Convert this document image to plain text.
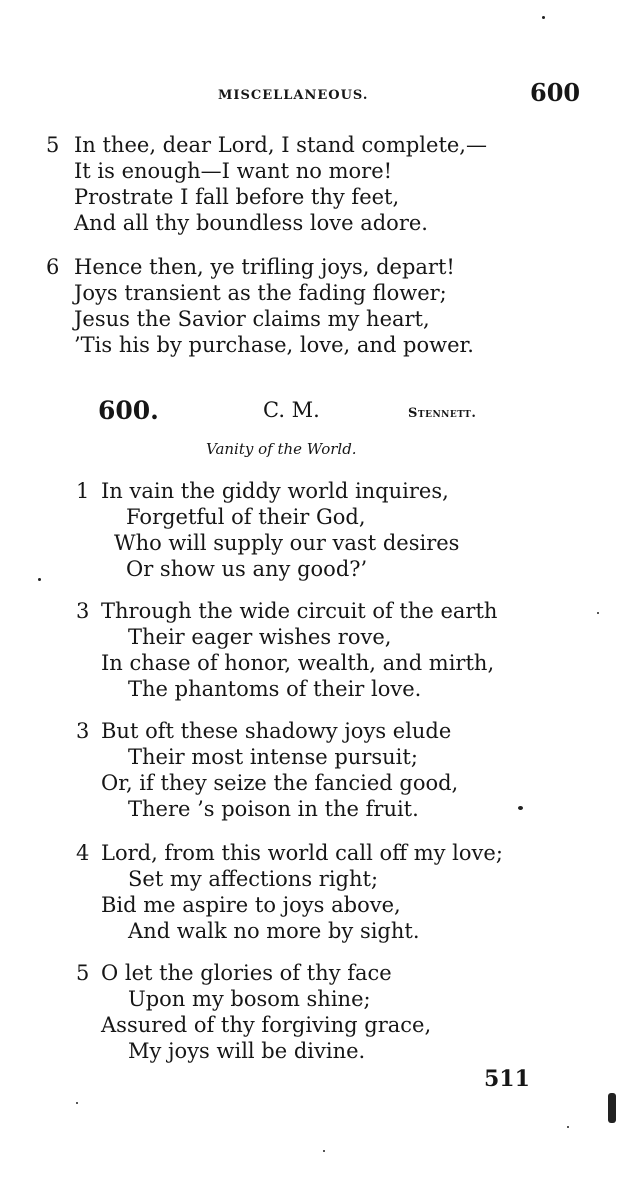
MISCELLANEOUS.	600
5 In thee, dear Lord, I stand complete,—
It is enough—I want no more!
Prostrate I fall before thy feet,
And all thy boundless love adore.
6 Hence then, ye trifling joys, depart!
Joys transient as the fading flower;
Jesus the Savior claims my heart,
’Tis his by purchase, love, and power.
600.	C. M.	Stennett.
Vanity of the World.
1 In vain the giddy world inquires,
Forgetful of their God,
Who will supply our vast desires
Or show us any good?’
3 Through the wide circuit of the earth
Their eager wishes rove,
In chase of honor, wealth, and mirth,
The phantoms of their love.
3 But oft these shadowy joys elude
Their most intense pursuit;
Or, if they seize the fancied good,
There ’s poison in the fruit.
4 Lord, from this world call off my love;
Set my affections right;
Bid me aspire to joys above,
And walk no more by sight.
5 O let the glories of thy face
Upon my bosom shine;
Assured of thy forgiving grace,
My joys will be divine.
511
